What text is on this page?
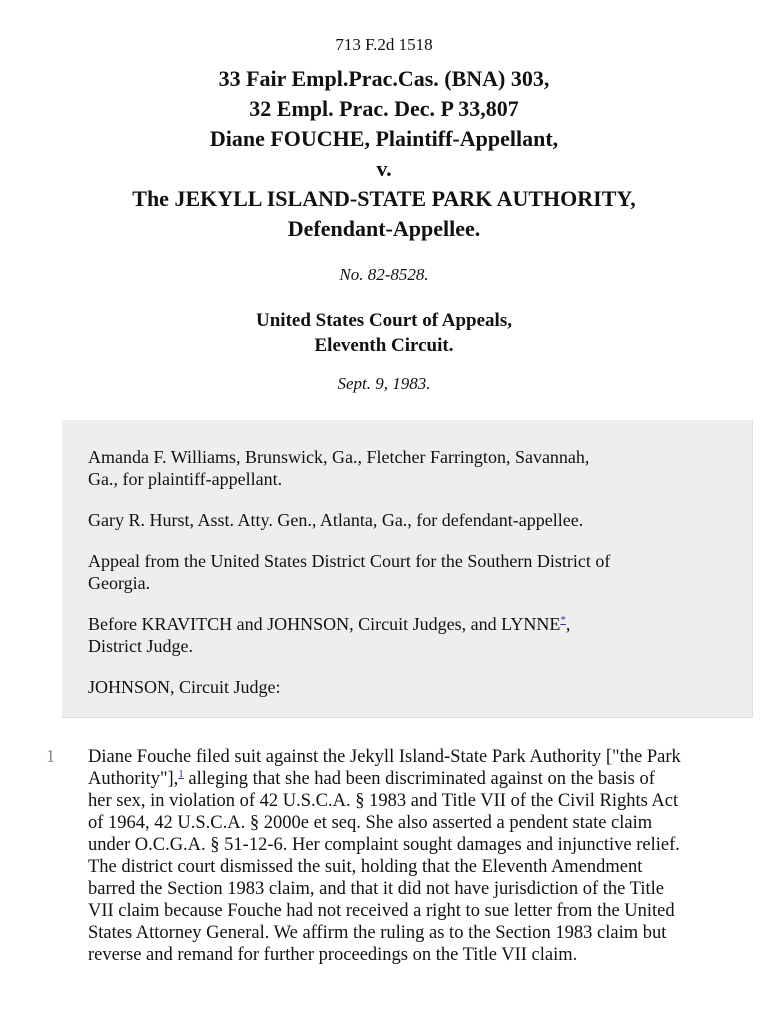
713 F.2d 1518
33 Fair Empl.Prac.Cas. (BNA) 303,
32 Empl. Prac. Dec. P 33,807
Diane FOUCHE, Plaintiff-Appellant,
v.
The JEKYLL ISLAND-STATE PARK AUTHORITY,
Defendant-Appellee.
No. 82-8528.
United States Court of Appeals,
Eleventh Circuit.
Sept. 9, 1983.

Amanda F. Williams, Brunswick, Ga., Fletcher Farrington, Savannah,
Ga., for plaintiff-appellant.

Gary R. Hurst, Asst. Atty. Gen., Atlanta, Ga., for defendant-appellee.

Appeal from the United States District Court for the Southern District of
Georgia.

Before KRAVITCH and JOHNSON, Circuit Judges, and LYNNE*,
District Judge.

JOHNSON, Circuit Judge:

1 Diane Fouche filed suit against the Jekyll Island-State Park Authority ["the Park
Authority"],$^1$ alleging that she had been discriminated against on the basis of
her sex, in violation of 42 U.S.C.A. § 1983 and Title VII of the Civil Rights Act
of 1964, 42 U.S.C.A. § 2000e et seq. She also asserted a pendent state claim
under O.C.G.A. § 51-12-6. Her complaint sought damages and injunctive relief.
The district court dismissed the suit, holding that the Eleventh Amendment
barred the Section 1983 claim, and that it did not have jurisdiction of the Title
VII claim because Fouche had not received a right to sue letter from the United
States Attorney General. We affirm the ruling as to the Section 1983 claim but
reverse and remand for further proceedings on the Title VII claim.
